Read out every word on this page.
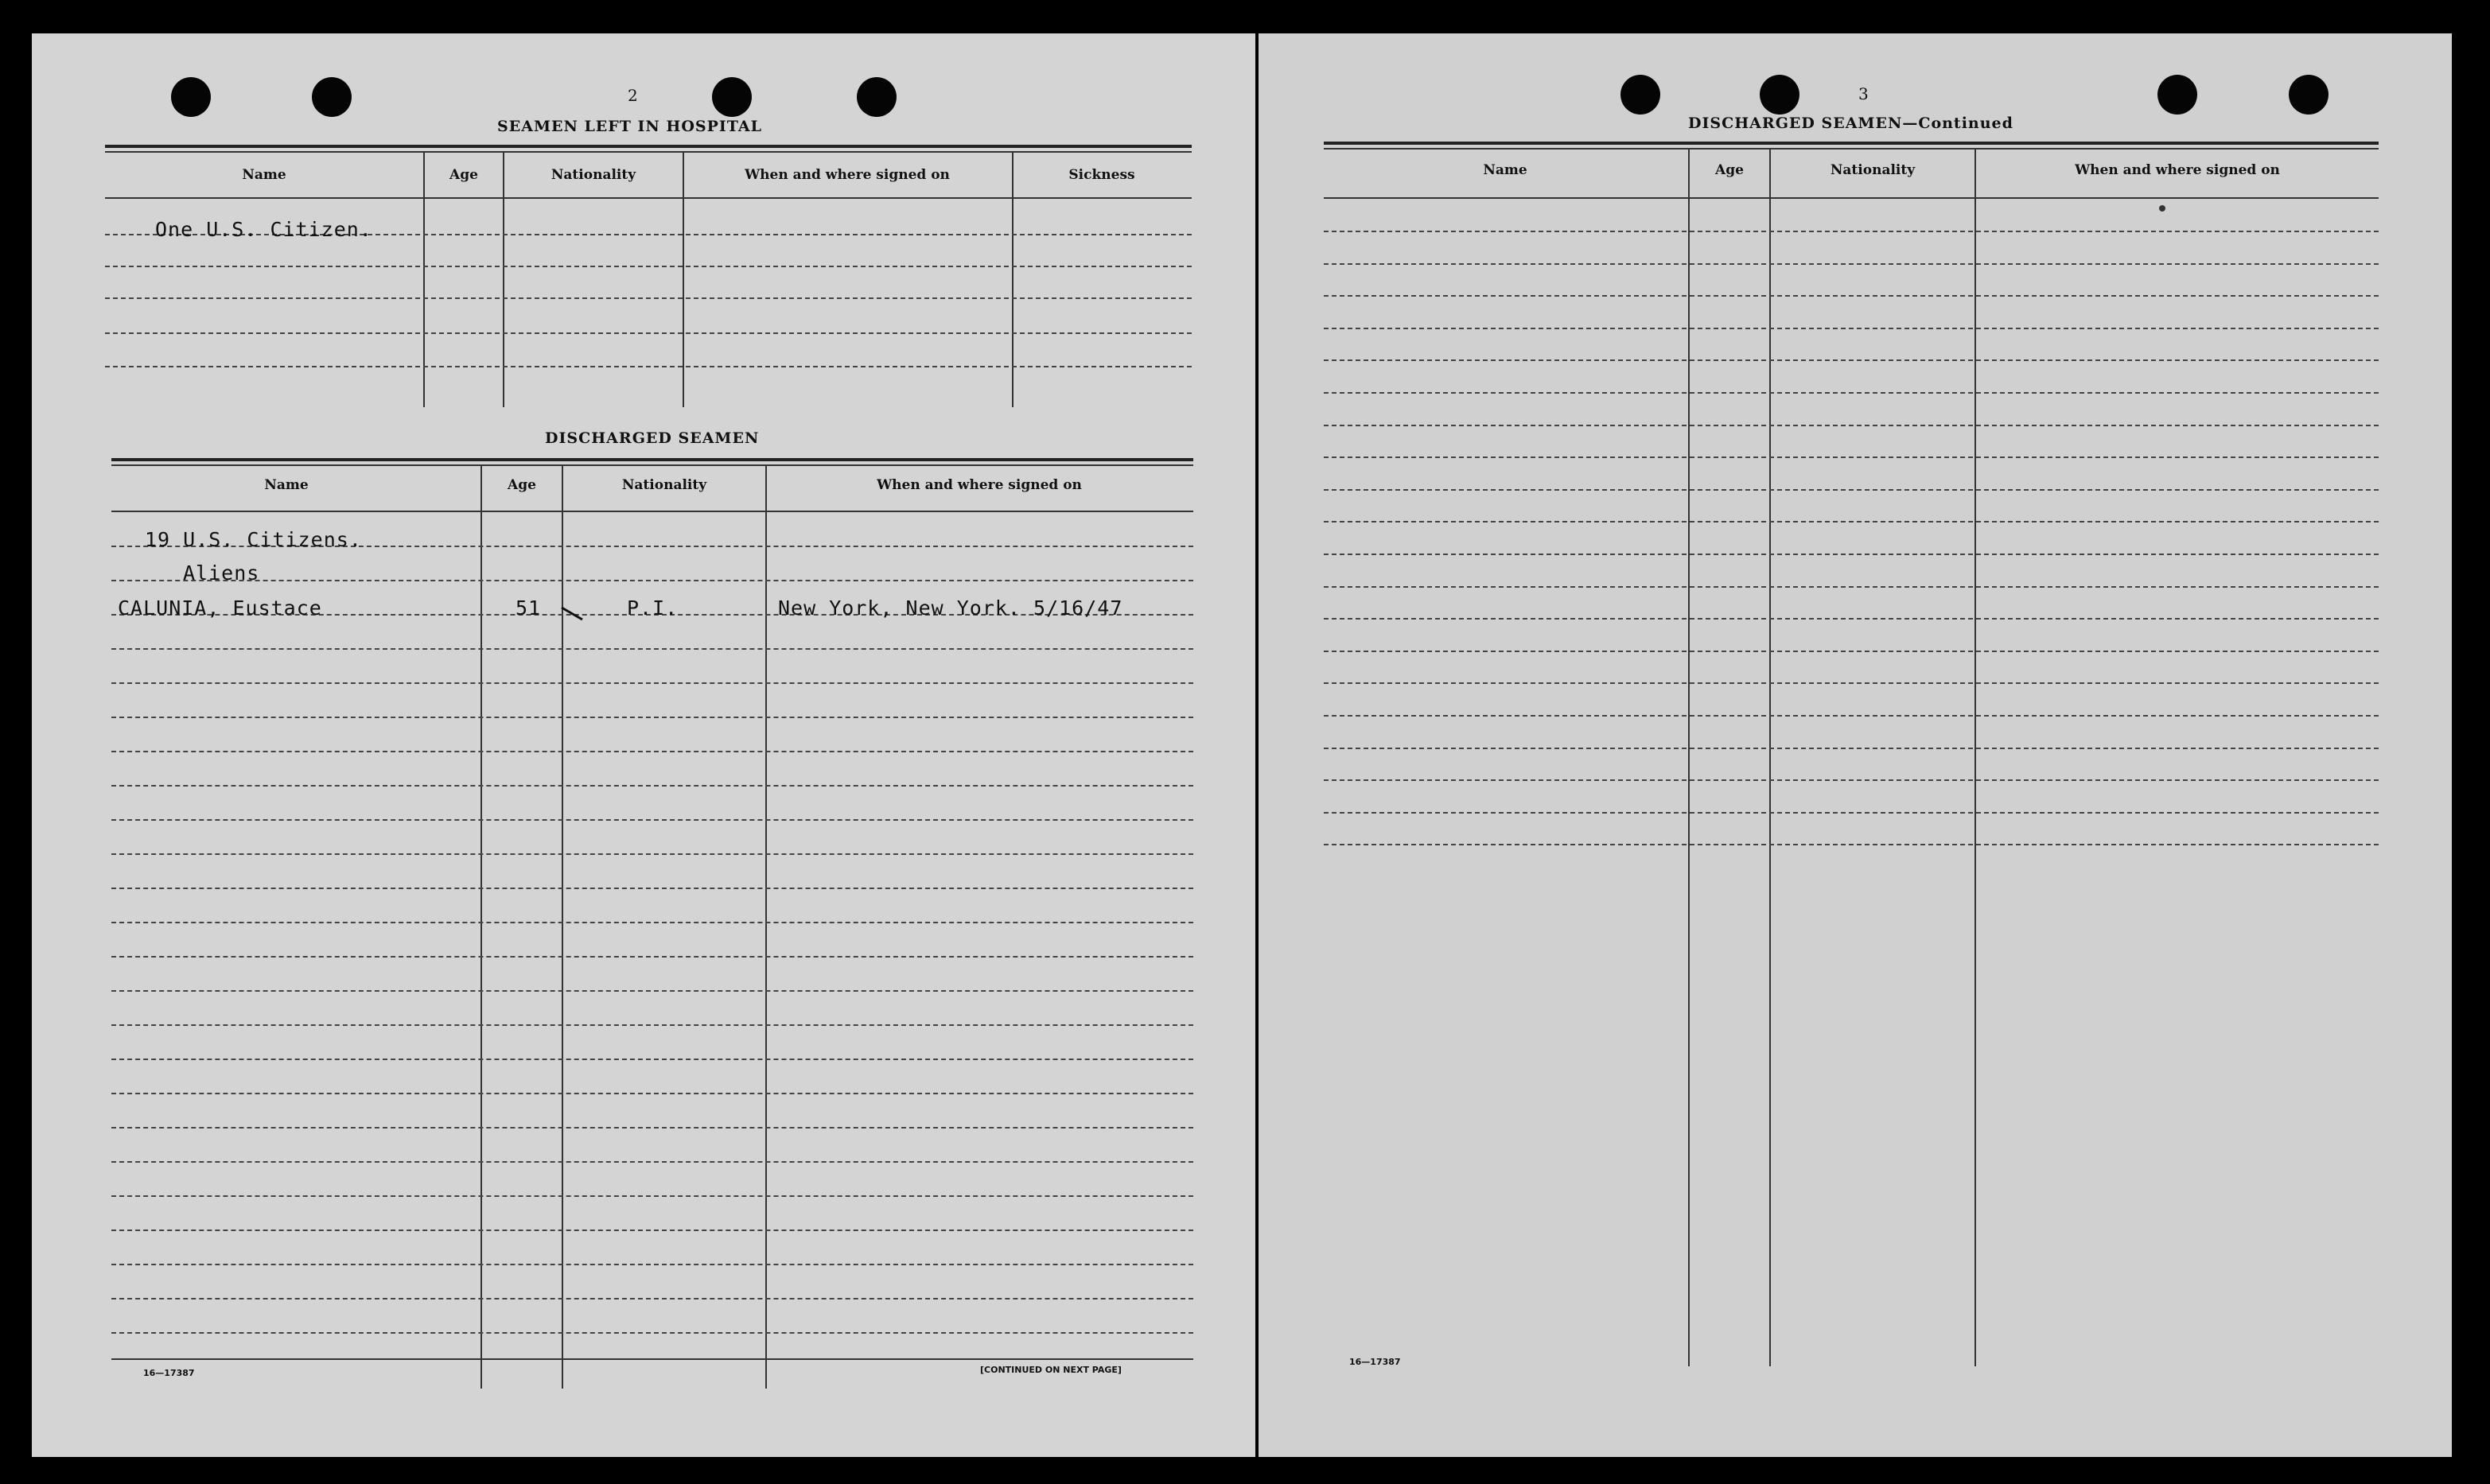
2
SEAMEN LEFT IN HOSPITAL
Name	Age	Nationality	When and where signed on	Sickness
One U.S. Citizen.
DISCHARGED SEAMEN
Name	Age	Nationality	When and where signed on
19 U.S. Citizens.
Aliens
CALUNIA, Eustace	51	P.I.	New York, New York. 5/16/47
16—17387	[CONTINUED ON NEXT PAGE]
3
DISCHARGED SEAMEN—Continued
Name	Age	Nationality	When and where signed on
16—17387
